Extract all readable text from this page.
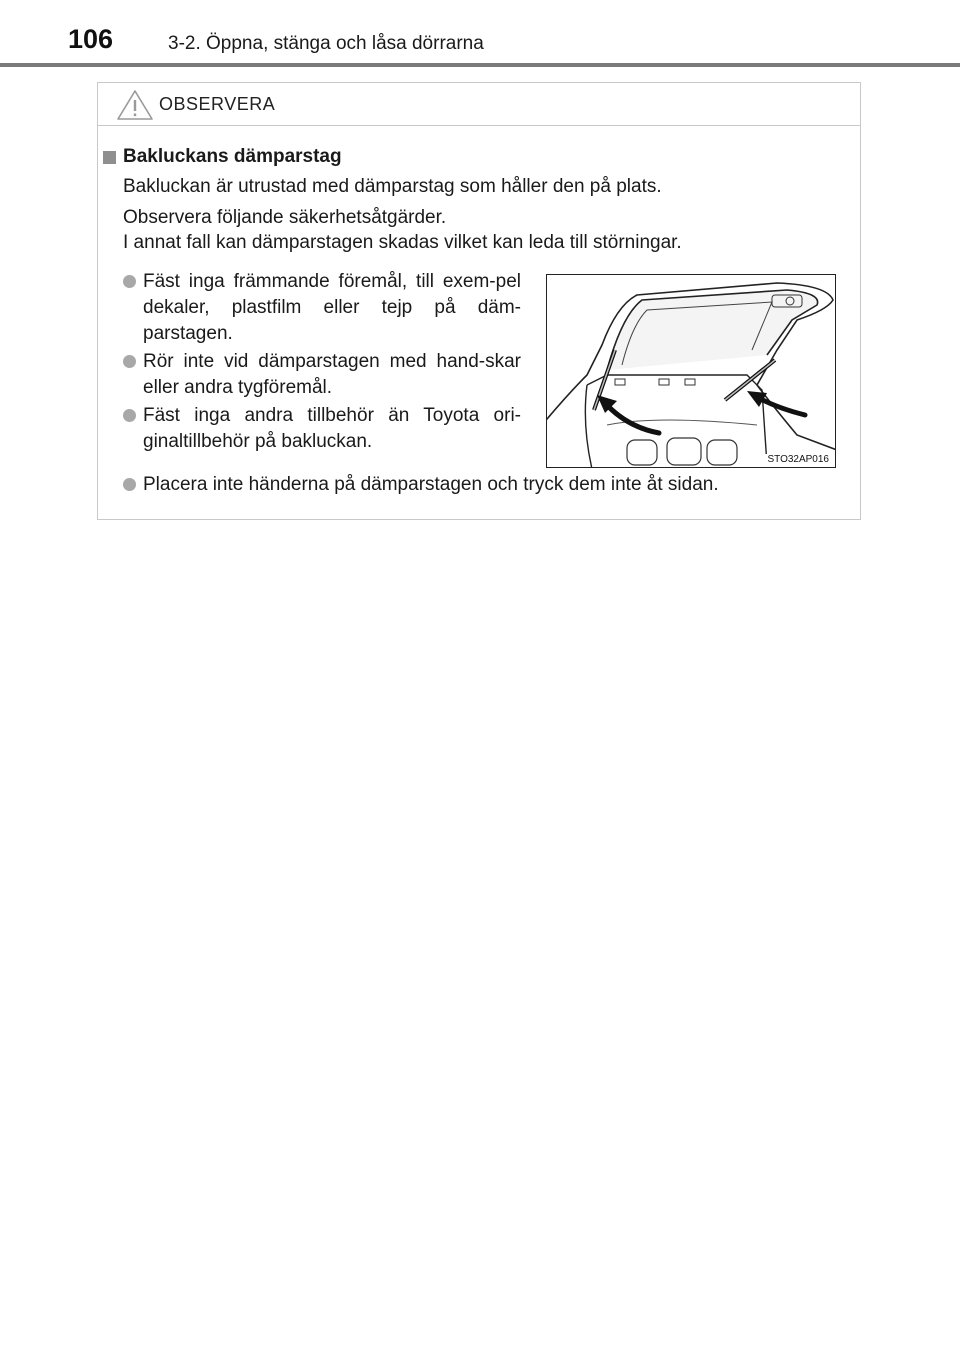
106	3-2. Öppna, stänga och låsa dörrarna
OBSERVERA
Bakluckans dämparstag

Bakluckan är utrustad med dämparstag som håller den på plats.

Observera följande säkerhetsåtgärder.

I annat fall kan dämparstagen skadas vilket kan leda till störningar.

Fäst inga främmande föremål, till exem-pel dekaler, plastfilm eller tejp på däm-parstagen.
Rör inte vid dämparstagen med hand-skar eller andra tygföremål.
Fäst inga andra tillbehör än Toyota ori-ginaltillbehör på bakluckan.
Placera inte händerna på dämparstagen och tryck dem inte åt sidan.
STO32AP016
